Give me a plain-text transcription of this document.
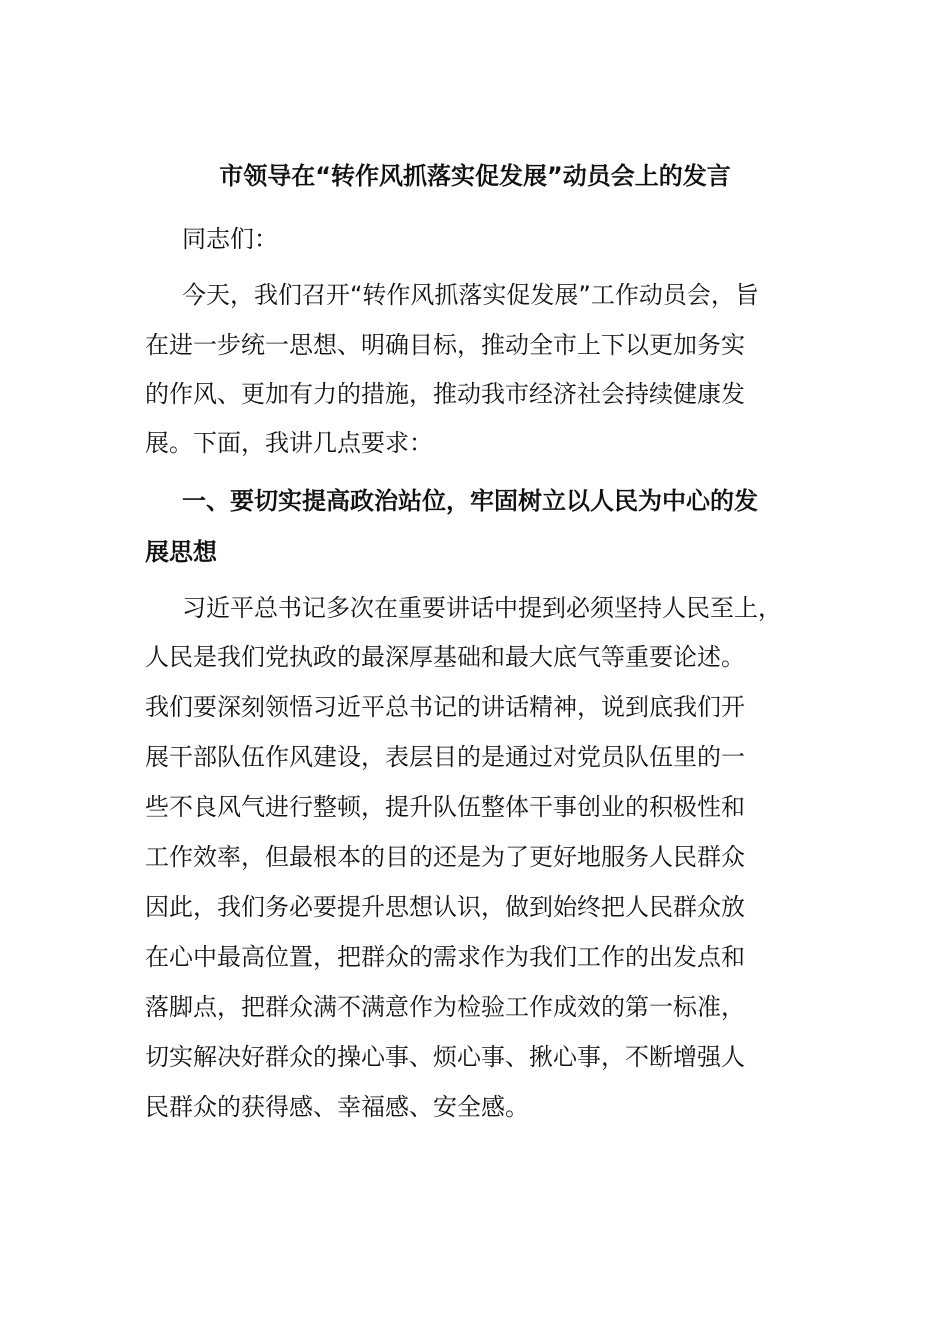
市领导在“转作风抓落实促发展”动员会上的发言
同志们：
今天，我们召开“转作风抓落实促发展”工作动员会，旨
在进一步统一思想、明确目标，推动全市上下以更加务实
的作风、更加有力的措施，推动我市经济社会持续健康发
展。下面，我讲几点要求：
一、要切实提高政治站位，牢固树立以人民为中心的发
展思想
习近平总书记多次在重要讲话中提到必须坚持人民至上，
人民是我们党执政的最深厚基础和最大底气等重要论述。
我们要深刻领悟习近平总书记的讲话精神，说到底我们开
展干部队伍作风建设，表层目的是通过对党员队伍里的一
些不良风气进行整顿，提升队伍整体干事创业的积极性和
工作效率，但最根本的目的还是为了更好地服务人民群众
因此，我们务必要提升思想认识，做到始终把人民群众放
在心中最高位置，把群众的需求作为我们工作的出发点和
落脚点，把群众满不满意作为检验工作成效的第一标准，
切实解决好群众的操心事、烦心事、揪心事，不断增强人
民群众的获得感、幸福感、安全感。
